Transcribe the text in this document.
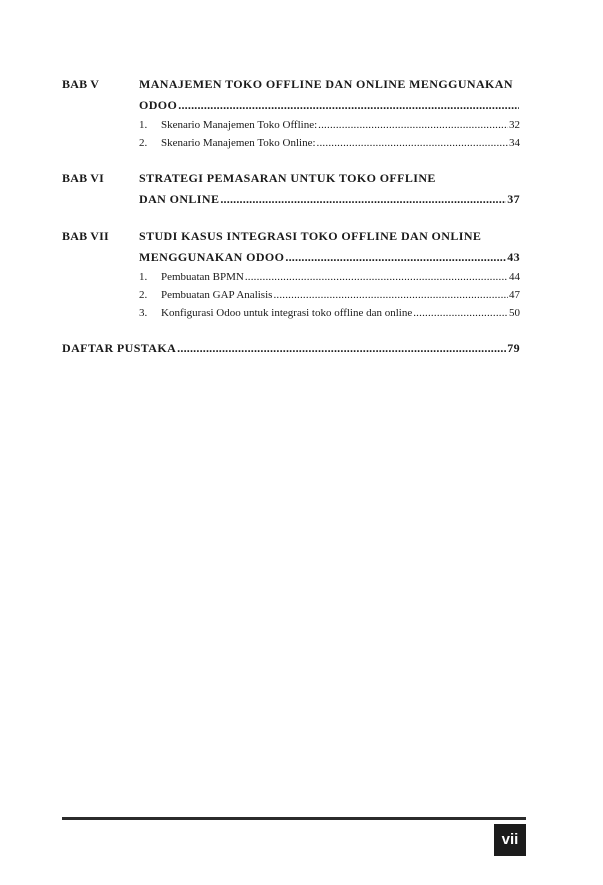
BAB V	MANAJEMEN TOKO OFFLINE DAN ONLINE MENGGUNAKAN
ODOO
.....
1. Skenario Manajemen Toko Offline: .....	32
2. Skenario Manajemen Toko Online: .....	34
BAB VI	STRATEGI PEMASARAN UNTUK TOKO OFFLINE
DAN ONLINE .....	37
BAB VII	STUDI KASUS INTEGRASI TOKO OFFLINE DAN ONLINE
MENGGUNAKAN ODOO .....	43
1. Pembuatan BPMN .....	44
2. Pembuatan GAP Analisis .....	47
3. Konfigurasi Odoo untuk integrasi toko offline dan online .....	50
DAFTAR PUSTAKA .....	79
vii
